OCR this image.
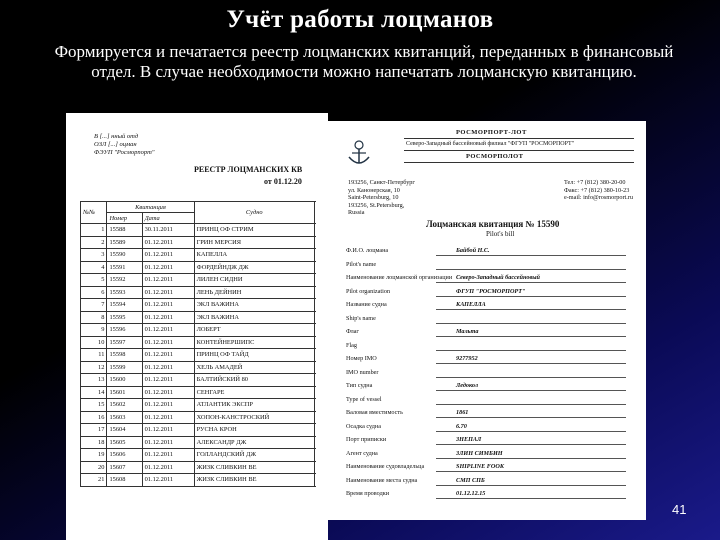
Учёт работы лоцманов
Формируется и печатается реестр лоцманских квитанций, переданных в финансовый отдел. В случае необходимости можно напечатать лоцманскую квитанцию.
В [...] нный отд
ОЗЛ [...] оцман
ФЭУП "Росморпорт"
РЕЕСТР ЛОЦМАНСКИХ КВ
от 01.12.20
№№	Квитанция		Судно	
	Номер	Дата		
1	15588	30.11.2011	ПРИНЦ ОФ СТРИМ	
2	15589	01.12.2011	ГРИН МЕРСИЯ	
3	15590	01.12.2011	КАПЕЛЛА	
4	15591	01.12.2011	ФОРДЕЙНДЖ ДЖ	
5	15592	01.12.2011	ЛИЛЕН СИДНИ	
6	15593	01.12.2011	ЛЕНЬ ДЕЙНИН	
7	15594	01.12.2011	ЭКЛ ВАЖИНА	
8	15595	01.12.2011	ЭКЛ ВАЖИНА	
9	15596	01.12.2011	ЛОБЕРТ	
10	15597	01.12.2011	КОНТЕЙНЕРШИПС	
11	15598	01.12.2011	ПРИНЦ ОФ ТАЙД	
12	15599	01.12.2011	ХЕЛЬ АМАДЕЙ	
13	15600	01.12.2011	БАЛТИЙСКИЙ 80	
14	15601	01.12.2011	СЕНГАРЕ	
15	15602	01.12.2011	АТЛАНТИК ЭКСПР	
16	15603	01.12.2011	ХОПОН-КАНСТРОСКИЙ	
17	15604	01.12.2011	РУСНА КРОН	
18	15605	01.12.2011	АЛЕКСАНДР ДЖ	
19	15606	01.12.2011	ГОЛЛАНДСКИЙ ДЖ	
20	15607	01.12.2011	ЖИЗК СЛИВКИН ВЕ	
21	15608	01.12.2011	ЖИЗК СЛИВКИН ВЕ	
РОСМОРПОРТ-ЛОТ
Северо-Западный бассейновый филиал "ФГУП "РОСМОРПОРТ"
РОСМОРПОЛОТ
193256, Санкт-Петербург
ул. Канонерская, 10
Saint-Petersburg, 10
193256, St.Petersburg,
Russia
Тел: +7 (812) 380-20-00
Факс: +7 (812) 380-10-23
e-mail: info@rosmorport.ru
Лоцманская квитанция № 15590
Pilot's bill
Ф.И.О. лоцмана	Байбой Н.С.
Pilot's name
Наименование лоцманской организации Северо-Западный бассейновый
Pilot organization	ФГУП "РОСМОРПОРТ"
Название судна	КАПЕЛЛА
Ship's name
Флаг	Мальта
Flag
Номер IMO	9277952
IMO number
Тип судна	Ледокол
Type of vessel
Валовая вместимость	1861
Осадка судна	6.70
Порт приписки	ЗНЕПАЛ
Агент судна	ЗЛИН СИМБИН
Наименование судовладельца	SHIPLINE FOOK
Наименование места судна	СМП СПБ
Время проводки	01.12.12.15
41
